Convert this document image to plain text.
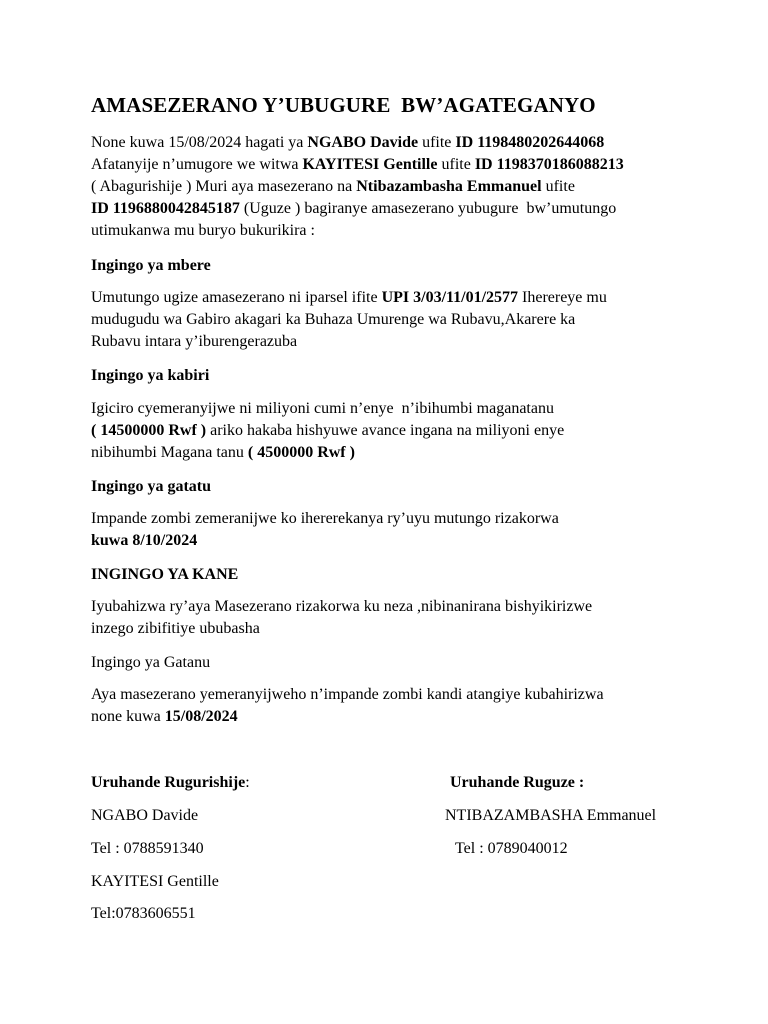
AMASEZERANO Y’UBUGURE  BW’AGATEGANYO
None kuwa 15/08/2024 hagati ya NGABO Davide ufite ID 1198480202644068
Afatanyije n’umugore we witwa KAYITESI Gentille ufite ID 1198370186088213
( Abagurishije ) Muri aya masezerano na Ntibazambasha Emmanuel ufite
ID 1196880042845187 (Uguze ) bagiranye amasezerano yubugure  bw’umutungo
utimukanwa mu buryo bukurikira :
Ingingo ya mbere
Umutungo ugize amasezerano ni iparsel ifite UPI 3/03/11/01/2577 Iherereye mu
mudugudu wa Gabiro akagari ka Buhaza Umurenge wa Rubavu,Akarere ka
Rubavu intara y’iburengerazuba
Ingingo ya kabiri
Igiciro cyemeranyijwe ni miliyoni cumi n’enye  n’ibihumbi maganatanu
( 14500000 Rwf ) ariko hakaba hishyuwe avance ingana na miliyoni enye
nibihumbi Magana tanu ( 4500000 Rwf )
Ingingo ya gatatu
Impande zombi zemeranijwe ko ihererekanya ry’uyu mutungo rizakorwa
kuwa 8/10/2024
INGINGO YA KANE
Iyubahizwa ry’aya Masezerano rizakorwa ku neza ,nibinanirana bishyikirizwe
inzego zibifitiye ububasha
Ingingo ya Gatanu
Aya masezerano yemeranyijweho n’impande zombi kandi atangiye kubahirizwa
none kuwa 15/08/2024
Uruhande Rugurishije:
NGABO Davide
Tel : 0788591340
KAYITESI Gentille
Tel:0783606551
Uruhande Ruguze :
NTIBAZAMBASHA Emmanuel
Tel : 0789040012
